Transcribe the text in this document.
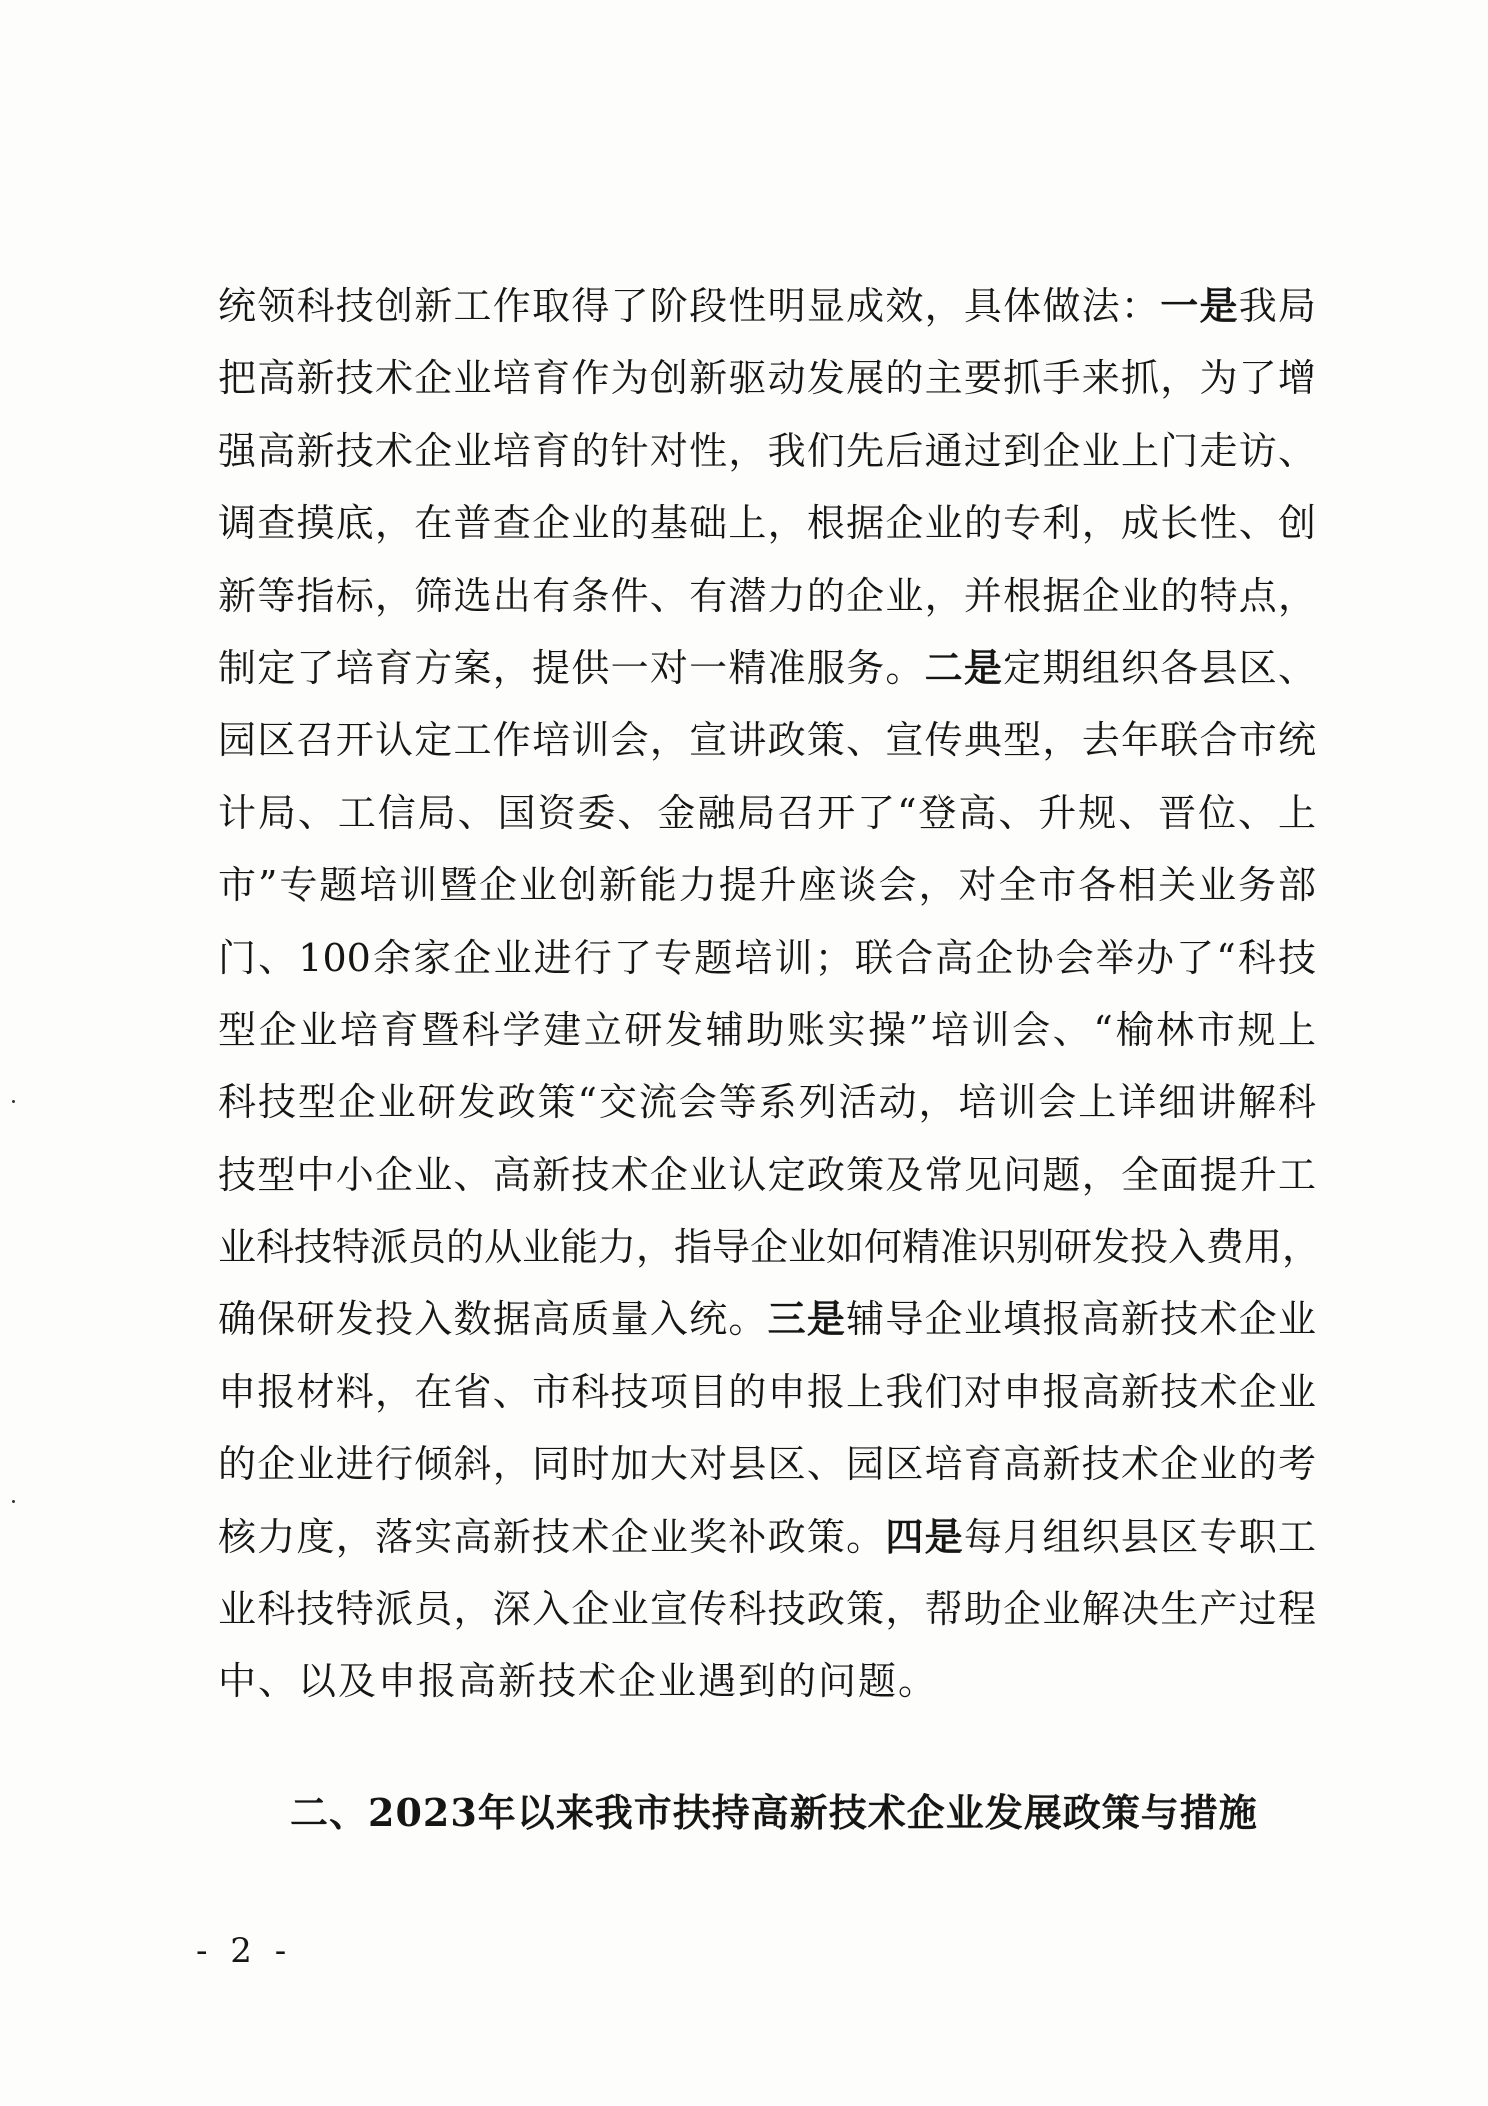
统领科技创新工作取得了阶段性明显成效，具体做法：一是我局
把高新技术企业培育作为创新驱动发展的主要抓手来抓，为了增
强高新技术企业培育的针对性，我们先后通过到企业上门走访、
调查摸底，在普查企业的基础上，根据企业的专利，成长性、创
新等指标，筛选出有条件、有潜力的企业，并根据企业的特点，
制定了培育方案，提供一对一精准服务。二是定期组织各县区、
园区召开认定工作培训会，宣讲政策、宣传典型，去年联合市统
计局、工信局、国资委、金融局召开了“登高、升规、晋位、上
市”专题培训暨企业创新能力提升座谈会，对全市各相关业务部
门、100余家企业进行了专题培训；联合高企协会举办了“科技
型企业培育暨科学建立研发辅助账实操”培训会、“榆林市规上
科技型企业研发政策“交流会等系列活动，培训会上详细讲解科
技型中小企业、高新技术企业认定政策及常见问题，全面提升工
业科技特派员的从业能力，指导企业如何精准识别研发投入费用，
确保研发投入数据高质量入统。三是辅导企业填报高新技术企业
申报材料，在省、市科技项目的申报上我们对申报高新技术企业
的企业进行倾斜，同时加大对县区、园区培育高新技术企业的考
核力度，落实高新技术企业奖补政策。四是每月组织县区专职工
业科技特派员，深入企业宣传科技政策，帮助企业解决生产过程
中、以及申报高新技术企业遇到的问题。
二、2023年以来我市扶持高新技术企业发展政策与措施
- 2 -
